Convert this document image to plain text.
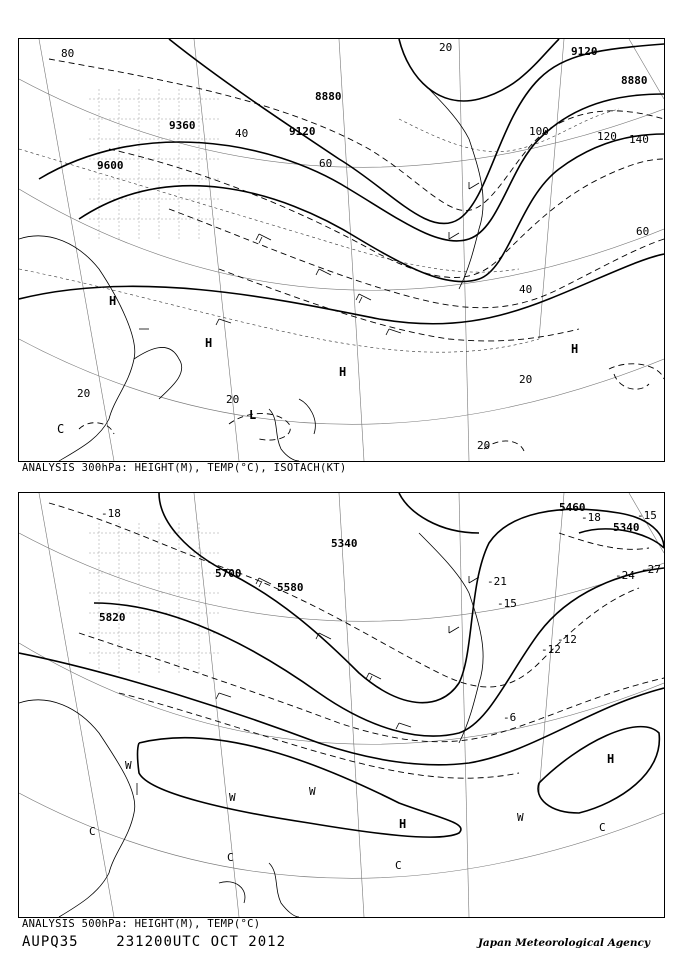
9600
9360	9120
8880
9120
8880
80
60
40
20
100	120 140
60
40
20
20	20
20
H
H
H
H
L
C
ANALYSIS 300hPa: HEIGHT(M), TEMP(°C), ISOTACH(KT)
5820
5700
5580
5340
5460
5340
-18
-15
-12
-27
-24
-21
-18	-15
-12
-6
H
H
W
W	W
W
C
C
C
C
ANALYSIS 500hPa: HEIGHT(M), TEMP(°C)
AUPQ35	231200UTC OCT 2012	Japan Meteorological Agency
